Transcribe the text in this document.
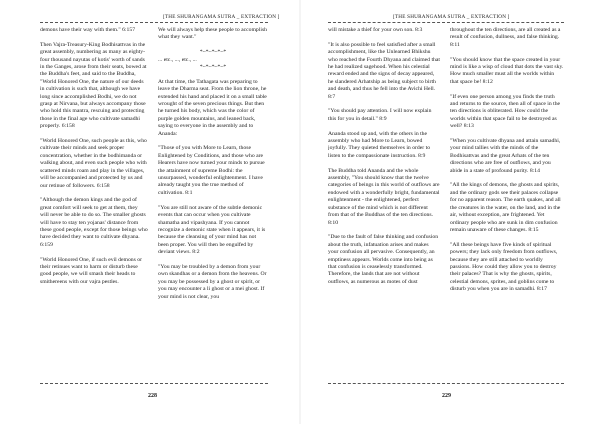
[THE SHURANGAMA SUTRA _ EXTRACTION ]

demons have their way with them." 6:157

Then Vajra-Treasury-King Bodhisattvas in the great assembly, numbering as many as eighty-four thousand nayutas of kotis' worth of sands in the Ganges, arose from their seats, bowed at the Buddha's feet, and said to the Buddha, "World Honored One, the nature of our deeds in cultivation is such that, although we have long since accomplished Bodhi, we do not grasp at Nirvana, but always accompany those who hold this mantra, rescuing and protecting those in the final age who cultivate samadhi properly. 6:158

"World Honored One, such people as this, who cultivate their minds and seek proper concentration, whether in the bodhimanda or walking about, and even such people who with scattered minds roam and play in the villages, will be accompanied and protected by us and our retinue of followers. 6:158

"Although the demon kings and the god of great comfort will seek to get at them, they will never be able to do so. The smaller ghosts will have to stay ten yojanas' distance from these good people, except for those beings who have decided they want to cultivate dhyana. 6:159

"World Honored One, if such evil demons or their retinues want to harm or disturb these good people, we will smash their heads to smithereens with our vajra pestles.

We will always help these people to accomplish what they want."

*~*~*~*~*

... etc., ..., etc., ...

*~*~*~*~*

At that time, the Tathagata was preparing to leave the Dharma seat. From the lion throne, he extended his hand and placed it on a small table wrought of the seven precious things. But then he turned his body, which was the color of purple golden mountains, and leaned back, saying to everyone in the assembly and to Ananda:

"Those of you with More to Learn, those Enlightened by Conditions, and those who are Hearers have now turned your minds to pursue the attainment of supreme Bodhi: the unsurpassed, wonderful enlightenment. I have already taught you the true method of cultivation. 8:1

"You are still not aware of the subtle demonic events that can occur when you cultivate shamatha and vipashyana. If you cannot recognize a demonic state when it appears, it is because the cleansing of your mind has not been proper. You will then be engulfed by deviant views. 8:2

"You may be troubled by a demon from your own skandhas or a demon from the heavens. Or you may be possessed by a ghost or spirit, or you may encounter a li ghost or a mei ghost. If your mind is not clear, you

228
[THE SHURANGAMA SUTRA _ EXTRACTION ]

will mistake a thief for your own son. 8:3

"It is also possible to feel satisfied after a small accomplishment, like the Unlearned Bhikshu who reached the Fourth Dhyana and claimed that he had realized sagehood. When his celestial reward ended and the signs of decay appeared, he slandered Arhatship as being subject to birth and death, and thus he fell into the Avichi Hell. 8:7

"You should pay attention. I will now explain this for you in detail." 8:9

Ananda stood up and, with the others in the assembly who had More to Learn, bowed joyfully. They quieted themselves in order to listen to the compassionate instruction. 8:9

The Buddha told Ananda and the whole assembly, "You should know that the twelve categories of beings in this world of outflows are endowed with a wonderfully bright, fundamental enlightenment - the enlightened, perfect substance of the mind which is not different from that of the Buddhas of the ten directions. 8:10

"Due to the fault of false thinking and confusion about the truth, infatuation arises and makes your confusion all pervasive. Consequently, an emptiness appears. Worlds come into being as that confusion is ceaselessly transformed. Therefore, the lands that are not without outflows, as numerous as motes of dust

throughout the ten directions, are all created as a result of confusion, dullness, and false thinking. 8:11

"You should know that the space created in your mind is like a wisp of cloud that dots the vast sky. How much smaller must all the worlds within that space be! 8:12

"If even one person among you finds the truth and returns to the source, then all of space in the ten directions is obliterated. How could the worlds within that space fail to be destroyed as well? 8:13

"When you cultivate dhyana and attain samadhi, your mind tallies with the minds of the Bodhisattvas and the great Arhats of the ten directions who are free of outflows, and you abide in a state of profound purity. 8:14

"All the kings of demons, the ghosts and spirits, and the ordinary gods see their palaces collapse for no apparent reason. The earth quakes, and all the creatures in the water, on the land, and in the air, without exception, are frightened. Yet ordinary people who are sunk in dim confusion remain unaware of these changes. 8:15

"All these beings have five kinds of spiritual powers; they lack only freedom from outflows, because they are still attached to worldly passions. How could they allow you to destroy their palaces? That is why the ghosts, spirits, celestial demons, sprites, and goblins come to disturb you when you are in samadhi. 8:17

229
